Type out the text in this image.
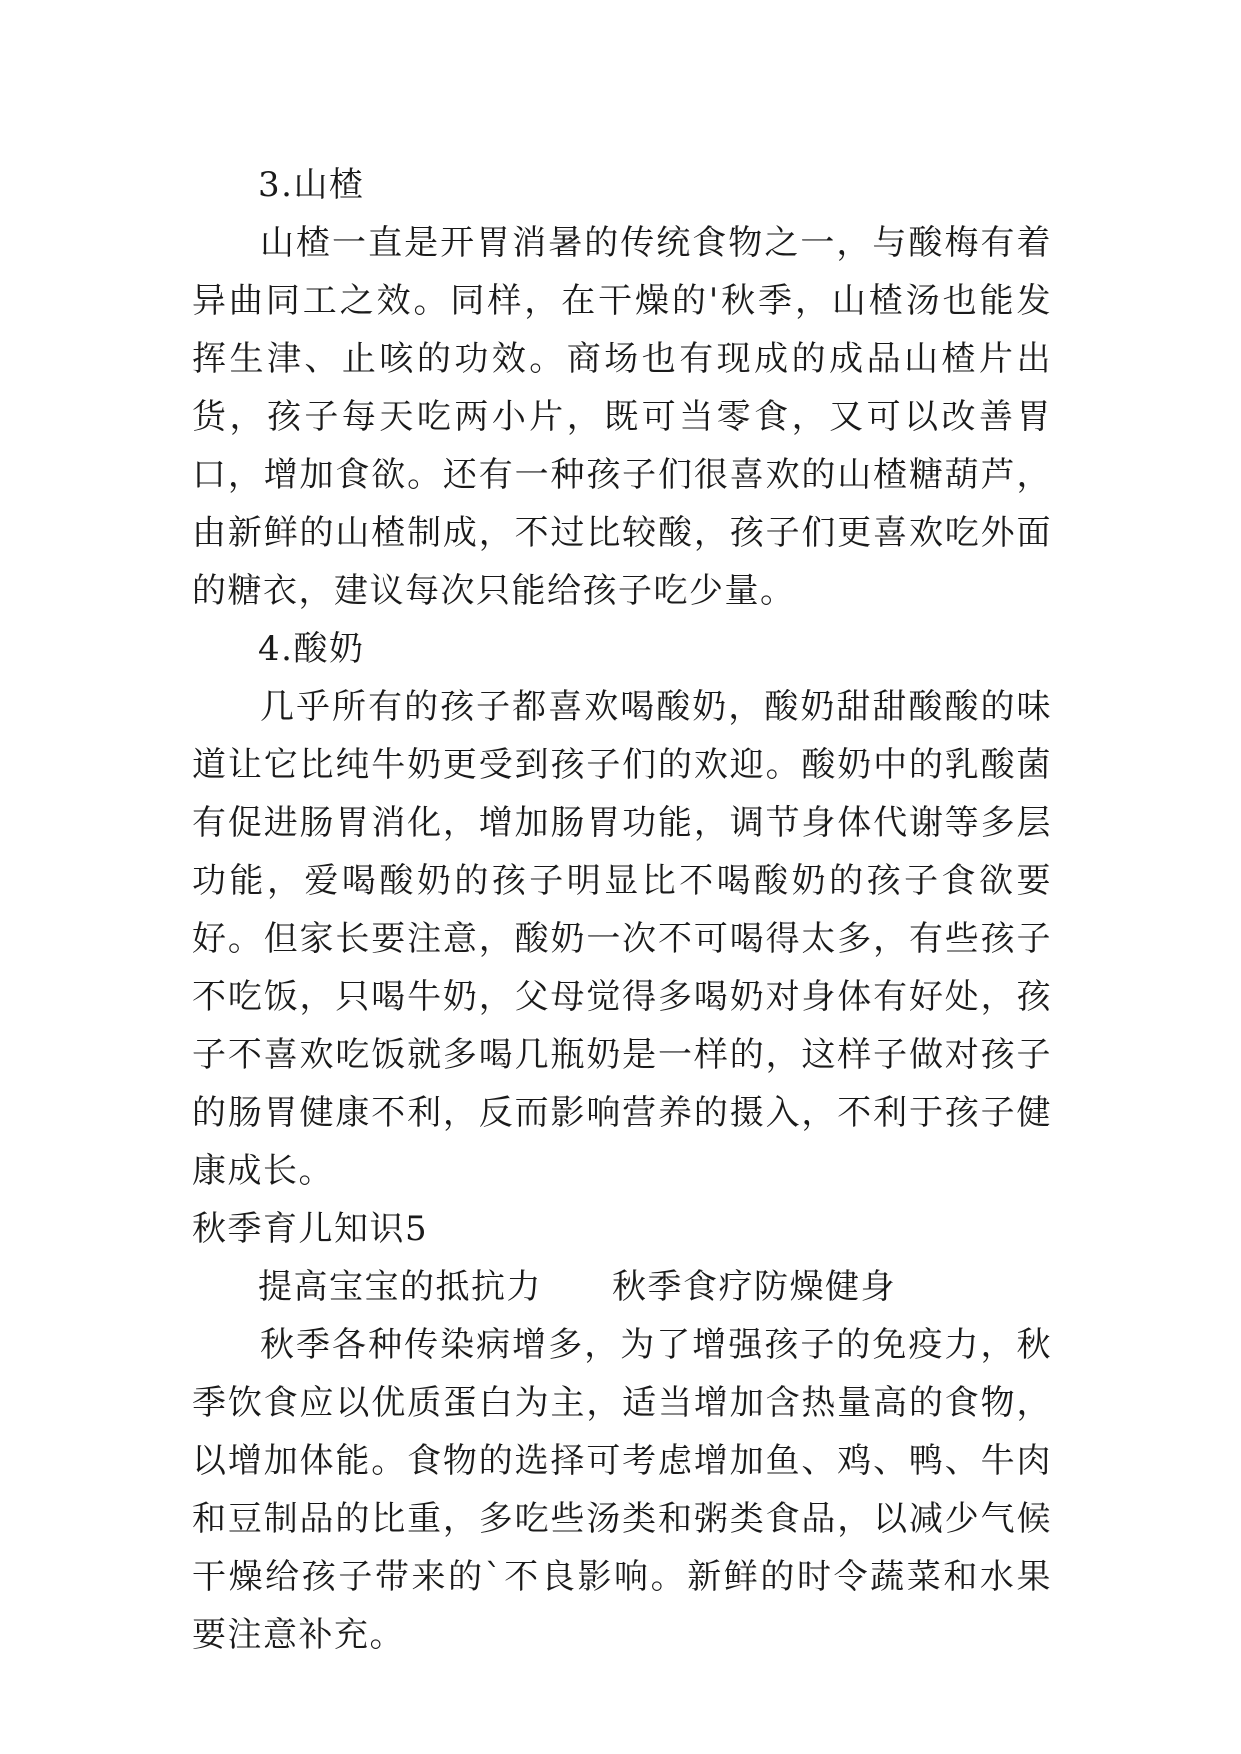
3.山楂

山楂一直是开胃消暑的传统食物之一，与酸梅有着异曲同工之效。同样，在干燥的'秋季，山楂汤也能发挥生津、止咳的功效。商场也有现成的成品山楂片出货，孩子每天吃两小片，既可当零食，又可以改善胃口，增加食欲。还有一种孩子们很喜欢的山楂糖葫芦，由新鲜的山楂制成，不过比较酸，孩子们更喜欢吃外面的糖衣，建议每次只能给孩子吃少量。

4.酸奶

几乎所有的孩子都喜欢喝酸奶，酸奶甜甜酸酸的味道让它比纯牛奶更受到孩子们的欢迎。酸奶中的乳酸菌有促进肠胃消化，增加肠胃功能，调节身体代谢等多层功能，爱喝酸奶的孩子明显比不喝酸奶的孩子食欲要好。但家长要注意，酸奶一次不可喝得太多，有些孩子不吃饭，只喝牛奶，父母觉得多喝奶对身体有好处，孩子不喜欢吃饭就多喝几瓶奶是一样的，这样子做对孩子的肠胃健康不利，反而影响营养的摄入，不利于孩子健康成长。

秋季育儿知识5

提高宝宝的抵抗力 秋季食疗防燥健身

秋季各种传染病增多，为了增强孩子的免疫力，秋季饮食应以优质蛋白为主，适当增加含热量高的食物，以增加体能。食物的选择可考虑增加鱼、鸡、鸭、牛肉和豆制品的比重，多吃些汤类和粥类食品，以减少气候干燥给孩子带来的`不良影响。新鲜的时令蔬菜和水果要注意补充。
